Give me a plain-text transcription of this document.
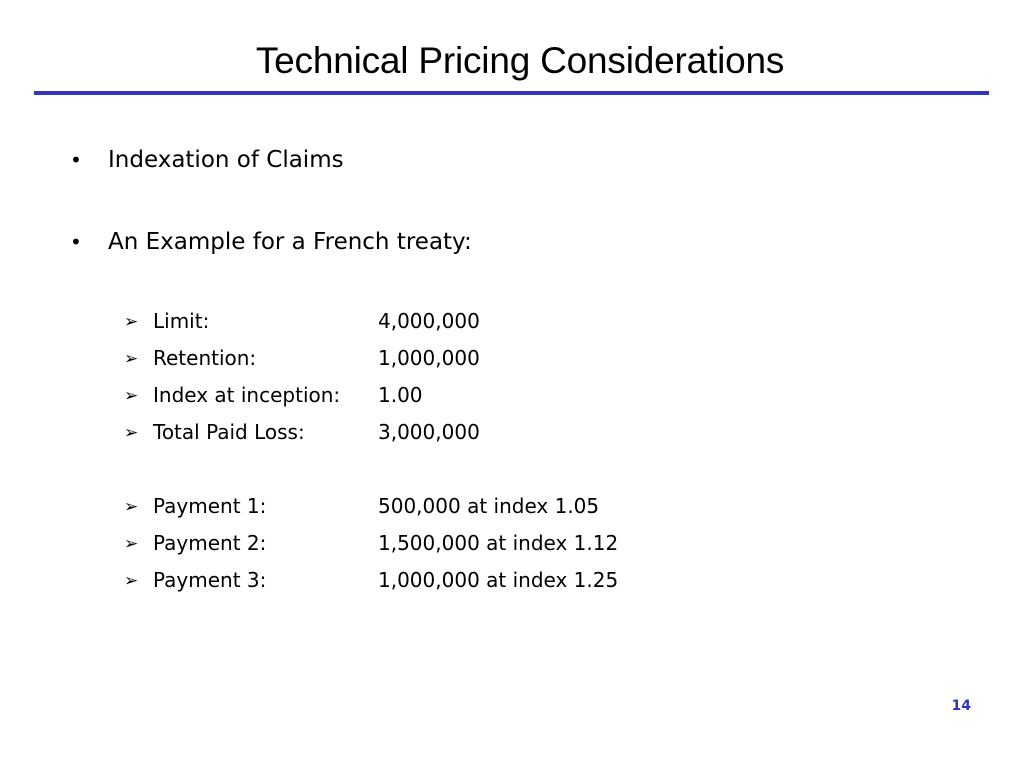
Technical Pricing Considerations
• Indexation of Claims
• An Example for a French treaty:
➢ Limit:	4,000,000
➢ Retention:	1,000,000
➢ Index at inception:	1.00
➢ Total Paid Loss:	3,000,000
➢ Payment 1:	500,000 at index 1.05
➢ Payment 2:	1,500,000 at index 1.12
➢ Payment 3:	1,000,000 at index 1.25
14
